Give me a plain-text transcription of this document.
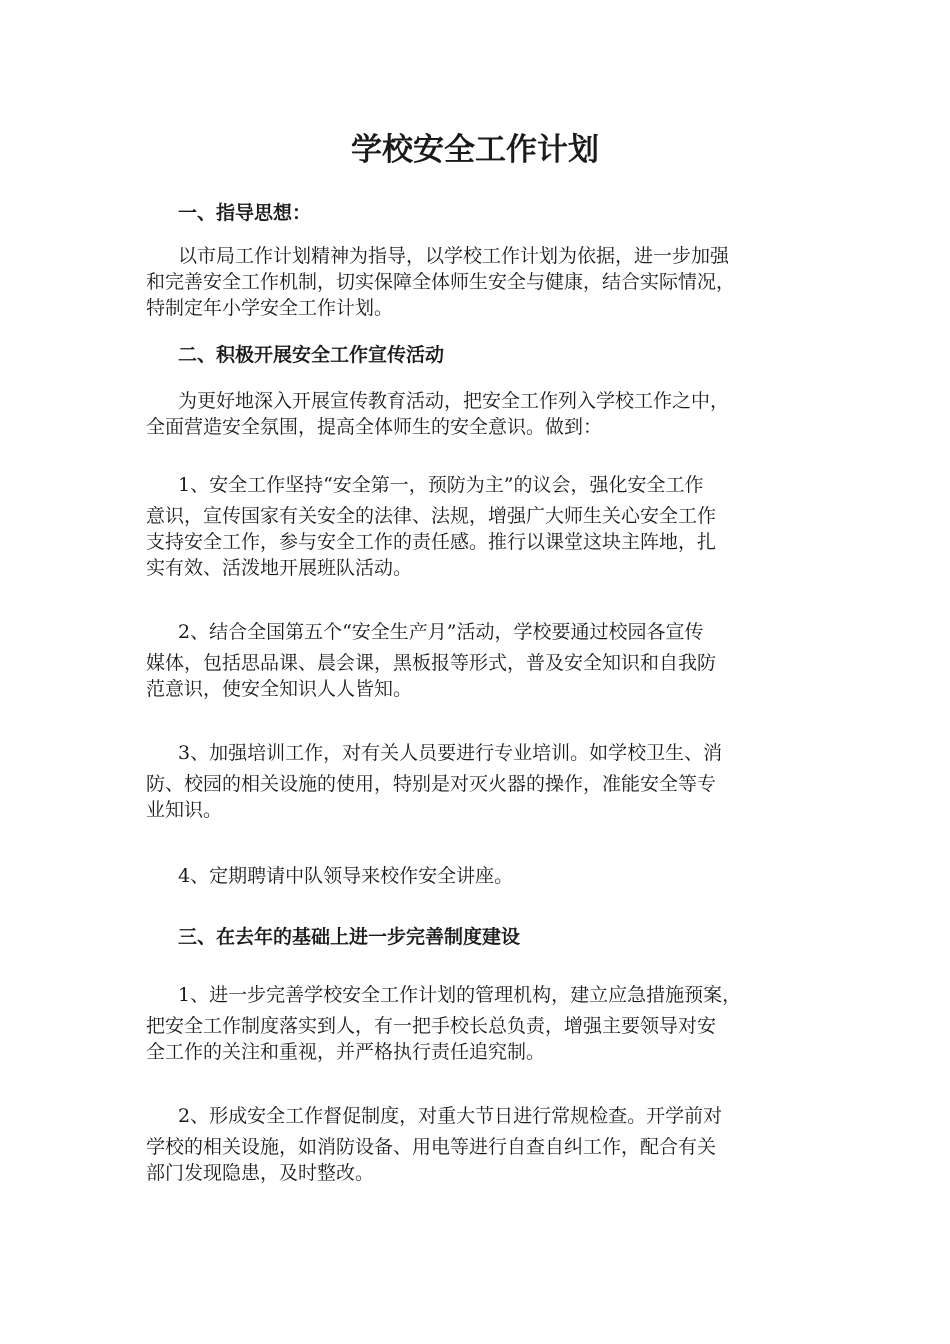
学校安全工作计划
一、指导思想：

以市局工作计划精神为指导，以学校工作计划为依据，进一步加强
和完善安全工作机制，切实保障全体师生安全与健康，结合实际情况，
特制定年小学安全工作计划。

二、积极开展安全工作宣传活动

为更好地深入开展宣传教育活动，把安全工作列入学校工作之中，
全面营造安全氛围，提高全体师生的安全意识。做到：

1、安全工作坚持“安全第一，预防为主”的议会，强化安全工作
意识，宣传国家有关安全的法律、法规，增强广大师生关心安全工作
支持安全工作，参与安全工作的责任感。推行以课堂这块主阵地，扎
实有效、活泼地开展班队活动。

2、结合全国第五个“安全生产月”活动，学校要通过校园各宣传
媒体，包括思品课、晨会课，黑板报等形式，普及安全知识和自我防
范意识，使安全知识人人皆知。

3、加强培训工作，对有关人员要进行专业培训。如学校卫生、消
防、校园的相关设施的使用，特别是对灭火器的操作，准能安全等专
业知识。

4、定期聘请中队领导来校作安全讲座。

三、在去年的基础上进一步完善制度建设

1、进一步完善学校安全工作计划的管理机构，建立应急措施预案，
把安全工作制度落实到人，有一把手校长总负责，增强主要领导对安
全工作的关注和重视，并严格执行责任追究制。

2、形成安全工作督促制度，对重大节日进行常规检查。开学前对
学校的相关设施，如消防设备、用电等进行自查自纠工作，配合有关
部门发现隐患，及时整改。
